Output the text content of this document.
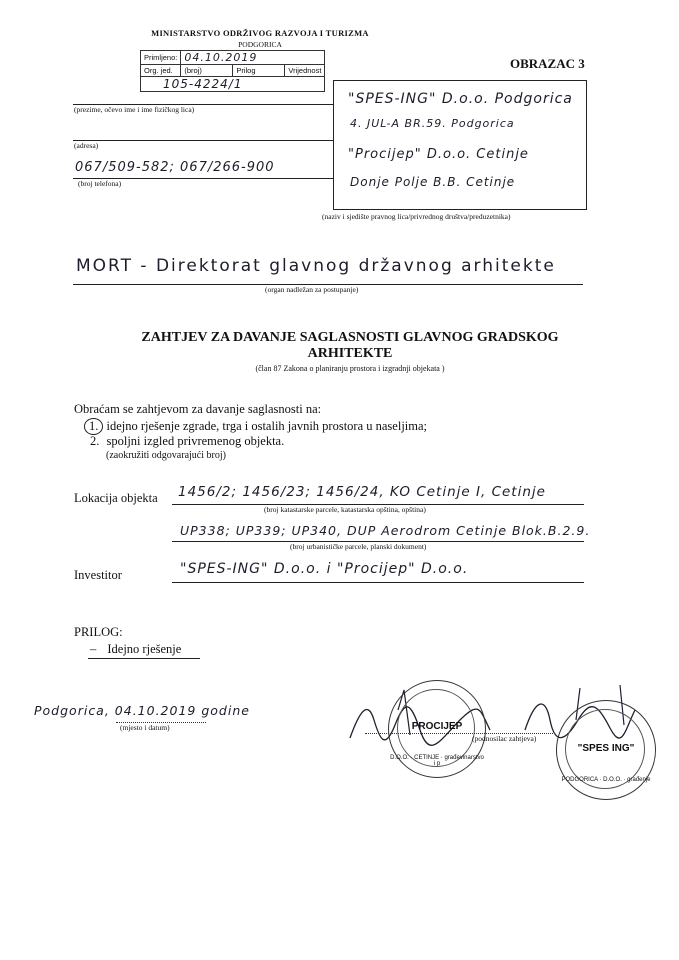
MINISTARSTVO ODRŽIVOG RAZVOJA I TURIZMA
PODGORICA
Primljeno:	04.10.2019		
Org. jed.	(broj)	Prilog	Vrijednost
105-4224/1			
OBRAZAC 3
(prezime, očevo ime i ime fizičkog lica)
(adresa)
067/509-582; 067/266-900
(broj telefona)
"SPES-ING" D.o.o. Podgorica
4. JUL-A BR.59. Podgorica
"Procijep" D.o.o. Cetinje
Donje Polje B.B. Cetinje
(naziv i sjedište pravnog lica/privrednog društva/preduzetnika)
MORT - Direktorat glavnog državnog arhitekte
(organ nadležan za postupanje)
ZAHTJEV ZA DAVANJE SAGLASNOSTI GLAVNOG GRADSKOG
ARHITEKTE
(član 87 Zakona o planiranju prostora i izgradnji objekata )
Obraćam se zahtjevom za davanje saglasnosti na:
1. idejno rješenje zgrade, trga i ostalih javnih prostora u naseljima;
2. spoljni izgled privremenog objekta.
(zaokružiti odgovarajući broj)
Lokacija objekta 1456/2; 1456/23; 1456/24, KO Cetinje I, Cetinje
(broj katastarske parcele, katastarska opština, opština)
UP338; UP339; UP340, DUP Aerodrom Cetinje Blok.B.2.9.
(broj urbanističke parcele, planski dokument)
Investitor	"SPES-ING" D.o.o. i "Procijep" D.o.o.
PRILOG:
– Idejno rješenje
Podgorica, 04.10.2019 godine
(mjesto i datum)	PROCIJEP
D.O.O. · CETINJE · građevinarstvo i p
"SPES ING"
PODGORICA · D.O.O. · građenje
(podnosilac zahtjeva)
